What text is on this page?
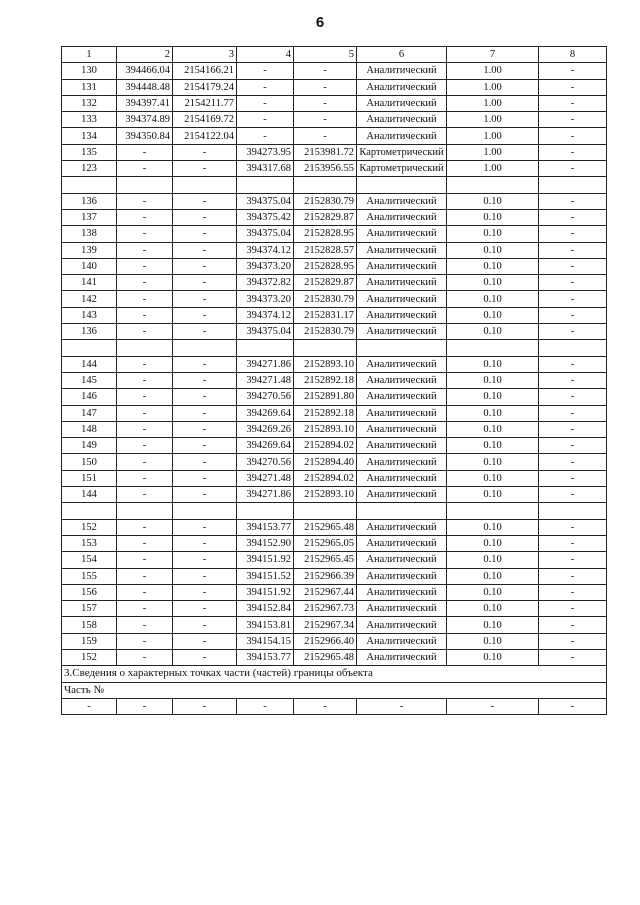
6
1	2	3	4	5	6	7	8
130	394466.04	2154166.21	-	-	Аналитический	1.00	-
131	394448.48	2154179.24	-	-	Аналитический	1.00	-
132	394397.41	2154211.77	-	-	Аналитический	1.00	-
133	394374.89	2154169.72	-	-	Аналитический	1.00	-
134	394350.84	2154122.04	-	-	Аналитический	1.00	-
135	-	-	394273.95	2153981.72	Картометрический	1.00	-
123	-	-	394317.68	2153956.55	Картометрический	1.00	-

136	-	-	394375.04	2152830.79	Аналитический	0.10	-
137	-	-	394375.42	2152829.87	Аналитический	0.10	-
138	-	-	394375.04	2152828.95	Аналитический	0.10	-
139	-	-	394374.12	2152828.57	Аналитический	0.10	-
140	-	-	394373.20	2152828.95	Аналитический	0.10	-
141	-	-	394372.82	2152829.87	Аналитический	0.10	-
142	-	-	394373.20	2152830.79	Аналитический	0.10	-
143	-	-	394374.12	2152831.17	Аналитический	0.10	-
136	-	-	394375.04	2152830.79	Аналитический	0.10	-

144	-	-	394271.86	2152893.10	Аналитический	0.10	-
145	-	-	394271.48	2152892.18	Аналитический	0.10	-
146	-	-	394270.56	2152891.80	Аналитический	0.10	-
147	-	-	394269.64	2152892.18	Аналитический	0.10	-
148	-	-	394269.26	2152893.10	Аналитический	0.10	-
149	-	-	394269.64	2152894.02	Аналитический	0.10	-
150	-	-	394270.56	2152894.40	Аналитический	0.10	-
151	-	-	394271.48	2152894.02	Аналитический	0.10	-
144	-	-	394271.86	2152893.10	Аналитический	0.10	-

152	-	-	394153.77	2152965.48	Аналитический	0.10	-
153	-	-	394152.90	2152965.05	Аналитический	0.10	-
154	-	-	394151.92	2152965.45	Аналитический	0.10	-
155	-	-	394151.52	2152966.39	Аналитический	0.10	-
156	-	-	394151.92	2152967.44	Аналитический	0.10	-
157	-	-	394152.84	2152967.73	Аналитический	0.10	-
158	-	-	394153.81	2152967.34	Аналитический	0.10	-
159	-	-	394154.15	2152966.40	Аналитический	0.10	-
152	-	-	394153.77	2152965.48	Аналитический	0.10	-
3.Сведения о характерных точках части (частей) границы объекта							
Часть №							
-	-	-	-	-	-	-	-
